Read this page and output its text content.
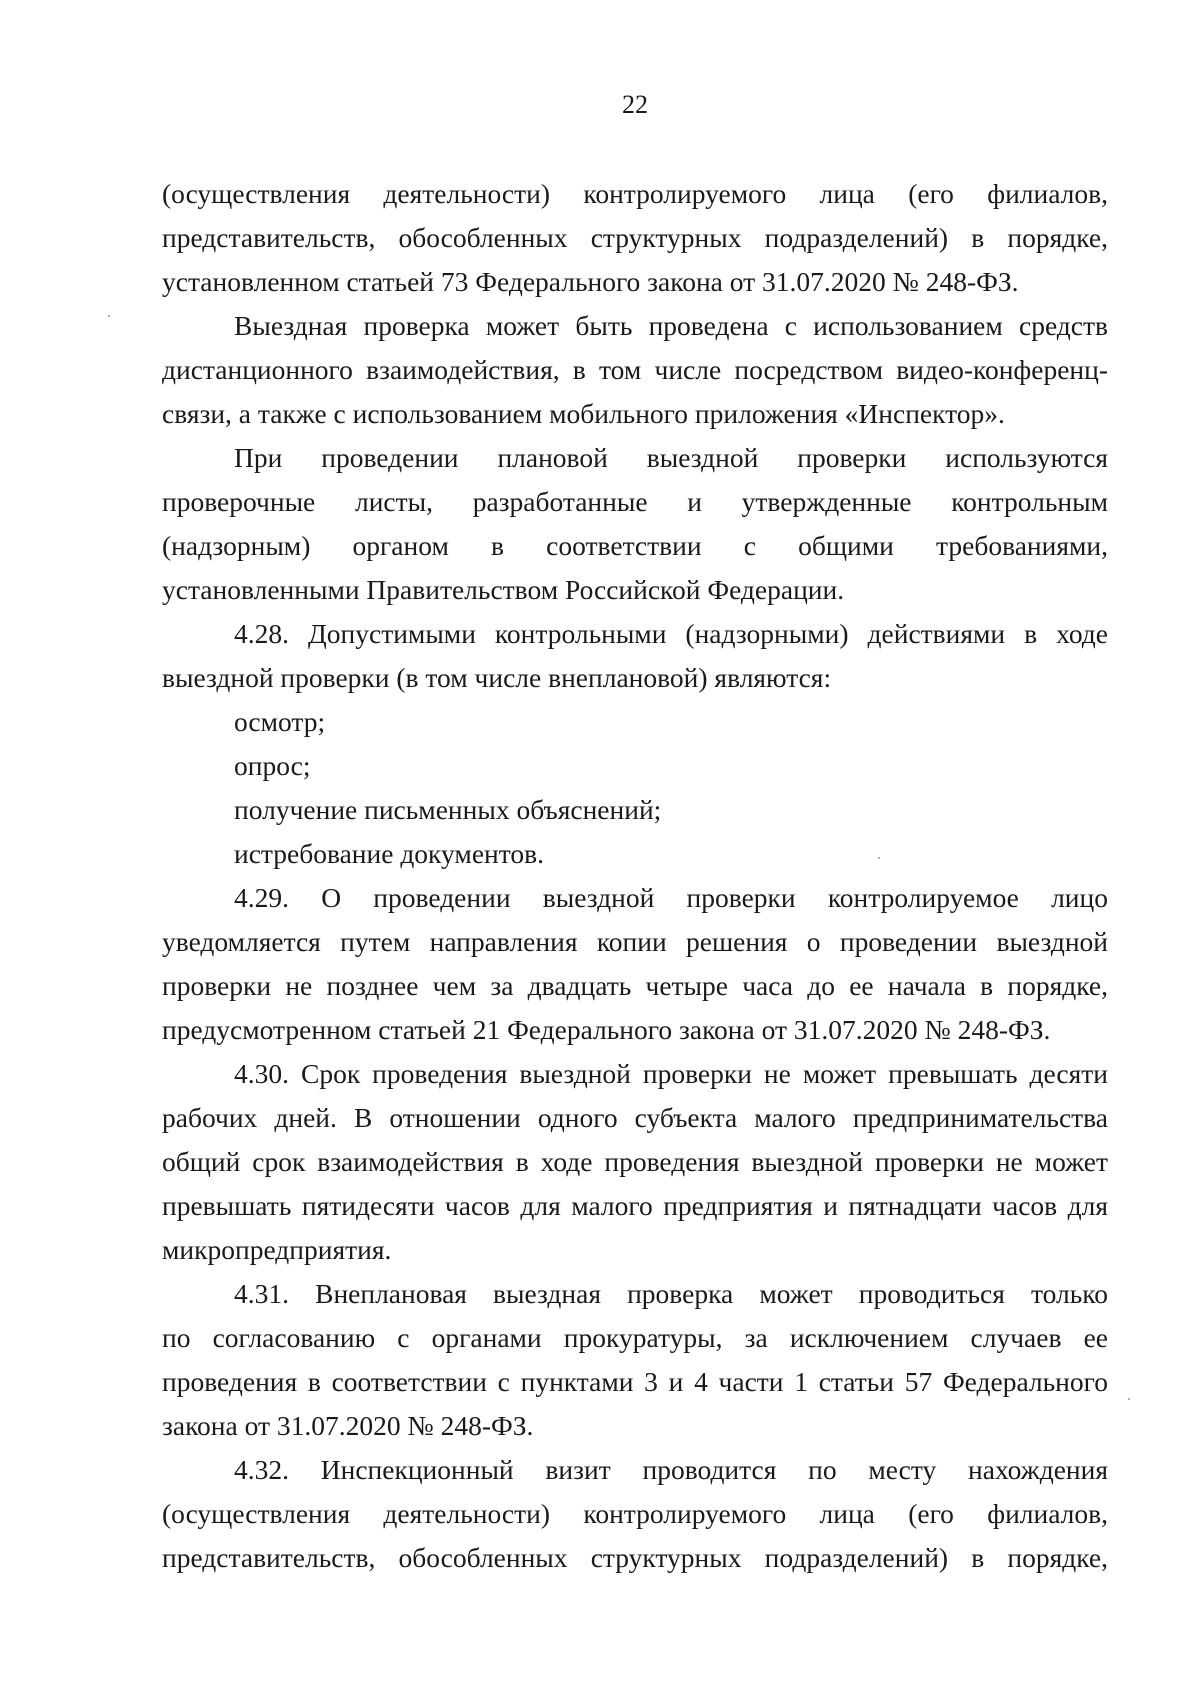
22
(осуществления деятельности) контролируемого лица (его филиалов,
представительств, обособленных структурных подразделений) в порядке,
установленном статьей 73 Федерального закона от 31.07.2020 № 248-ФЗ.
Выездная проверка может быть проведена с использованием средств
дистанционного взаимодействия, в том числе посредством видео-конференц-
связи, а также с использованием мобильного приложения «Инспектор».
При проведении плановой выездной проверки используются
проверочные листы, разработанные и утвержденные контрольным
(надзорным) органом в соответствии с общими требованиями,
установленными Правительством Российской Федерации.
4.28. Допустимыми контрольными (надзорными) действиями в ходе
выездной проверки (в том числе внеплановой) являются:
осмотр;
опрос;
получение письменных объяснений;
истребование документов.
4.29. О проведении выездной проверки контролируемое лицо
уведомляется путем направления копии решения о проведении выездной
проверки не позднее чем за двадцать четыре часа до ее начала в порядке,
предусмотренном статьей 21 Федерального закона от 31.07.2020 № 248-ФЗ.
4.30. Срок проведения выездной проверки не может превышать десяти
рабочих дней. В отношении одного субъекта малого предпринимательства
общий срок взаимодействия в ходе проведения выездной проверки не может
превышать пятидесяти часов для малого предприятия и пятнадцати часов для
микропредприятия.
4.31. Внеплановая выездная проверка может проводиться только
по согласованию с органами прокуратуры, за исключением случаев ее
проведения в соответствии с пунктами 3 и 4 части 1 статьи 57 Федерального
закона от 31.07.2020 № 248-ФЗ.
4.32. Инспекционный визит проводится по месту нахождения
(осуществления деятельности) контролируемого лица (его филиалов,
представительств, обособленных структурных подразделений) в порядке,
